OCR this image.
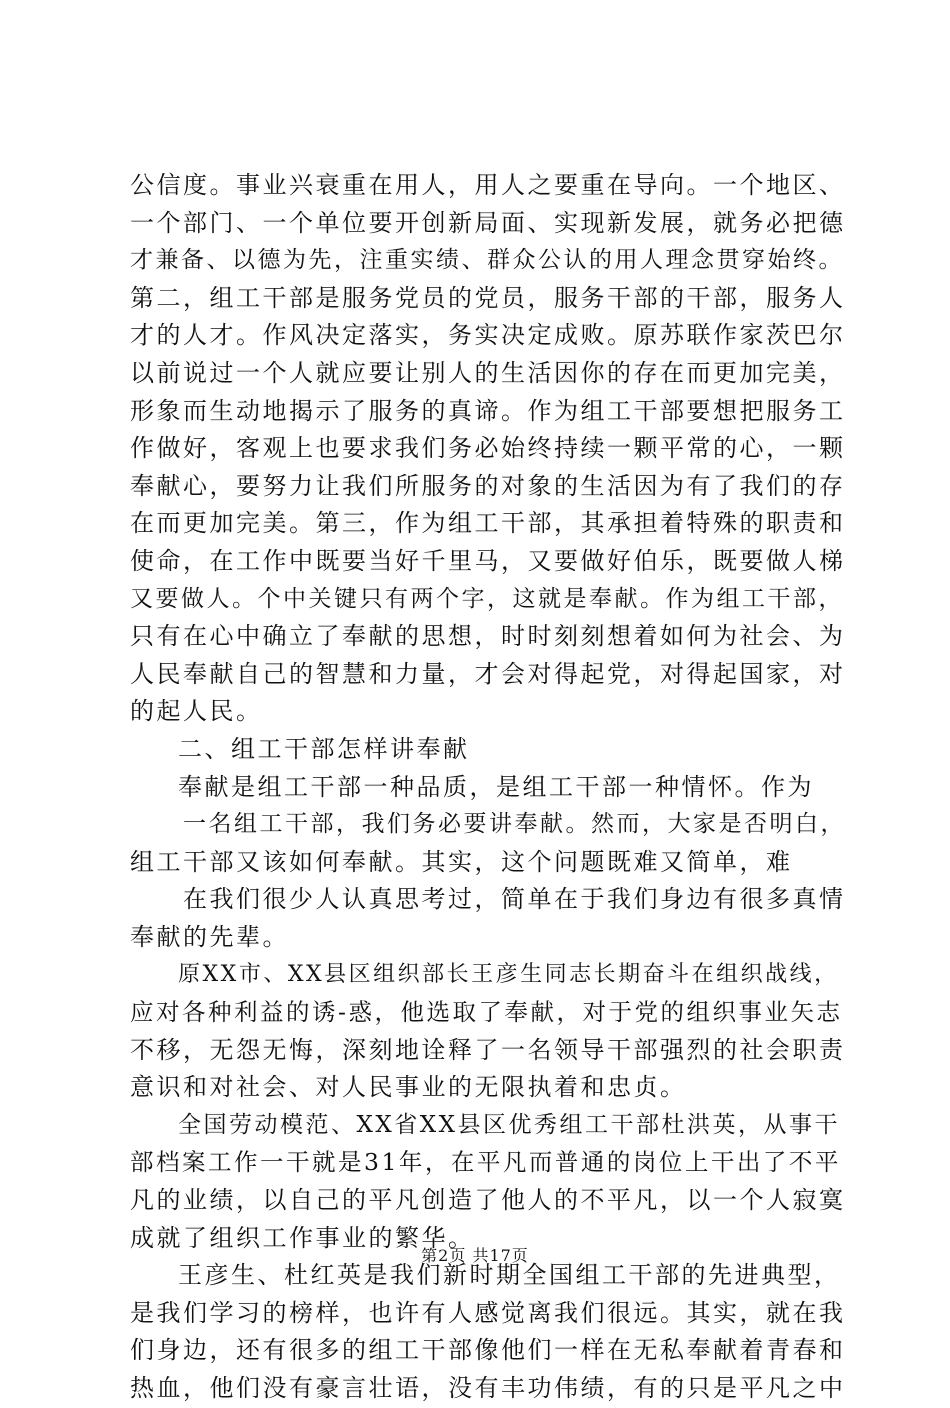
公信度。事业兴衰重在用人，用人之要重在导向。一个地区、
一个部门、一个单位要开创新局面、实现新发展，就务必把德
才兼备、以德为先，注重实绩、群众公认的用人理念贯穿始终。
第二，组工干部是服务党员的党员，服务干部的干部，服务人
才的人才。作风决定落实，务实决定成败。原苏联作家茨巴尔
以前说过一个人就应要让别人的生活因你的存在而更加完美，
形象而生动地揭示了服务的真谛。作为组工干部要想把服务工
作做好，客观上也要求我们务必始终持续一颗平常的心，一颗
奉献心，要努力让我们所服务的对象的生活因为有了我们的存
在而更加完美。第三，作为组工干部，其承担着特殊的职责和
使命，在工作中既要当好千里马，又要做好伯乐，既要做人梯
又要做人。个中关键只有两个字，这就是奉献。作为组工干部，
只有在心中确立了奉献的思想，时时刻刻想着如何为社会、为
人民奉献自己的智慧和力量，才会对得起党，对得起国家，对
的起人民。
二、组工干部怎样讲奉献
奉献是组工干部一种品质，是组工干部一种情怀。作为
一名组工干部，我们务必要讲奉献。然而，大家是否明白，
组工干部又该如何奉献。其实，这个问题既难又简单，难
在我们很少人认真思考过，简单在于我们身边有很多真情
奉献的先辈。
原XX市、XX县区组织部长王彦生同志长期奋斗在组织战线，
应对各种利益的诱-惑，他选取了奉献，对于党的组织事业矢志
不移，无怨无悔，深刻地诠释了一名领导干部强烈的社会职责
意识和对社会、对人民事业的无限执着和忠贞。
全国劳动模范、XX省XX县区优秀组工干部杜洪英，从事干
部档案工作一干就是31年，在平凡而普通的岗位上干出了不平
凡的业绩，以自己的平凡创造了他人的不平凡，以一个人寂寞
成就了组织工作事业的繁华。
王彦生、杜红英是我们新时期全国组工干部的先进典型，
是我们学习的榜样，也许有人感觉离我们很远。其实，就在我
们身边，还有很多的组工干部像他们一样在无私奉献着青春和
热血，他们没有豪言壮语，没有丰功伟绩，有的只是平凡之中
第2页 共17页
